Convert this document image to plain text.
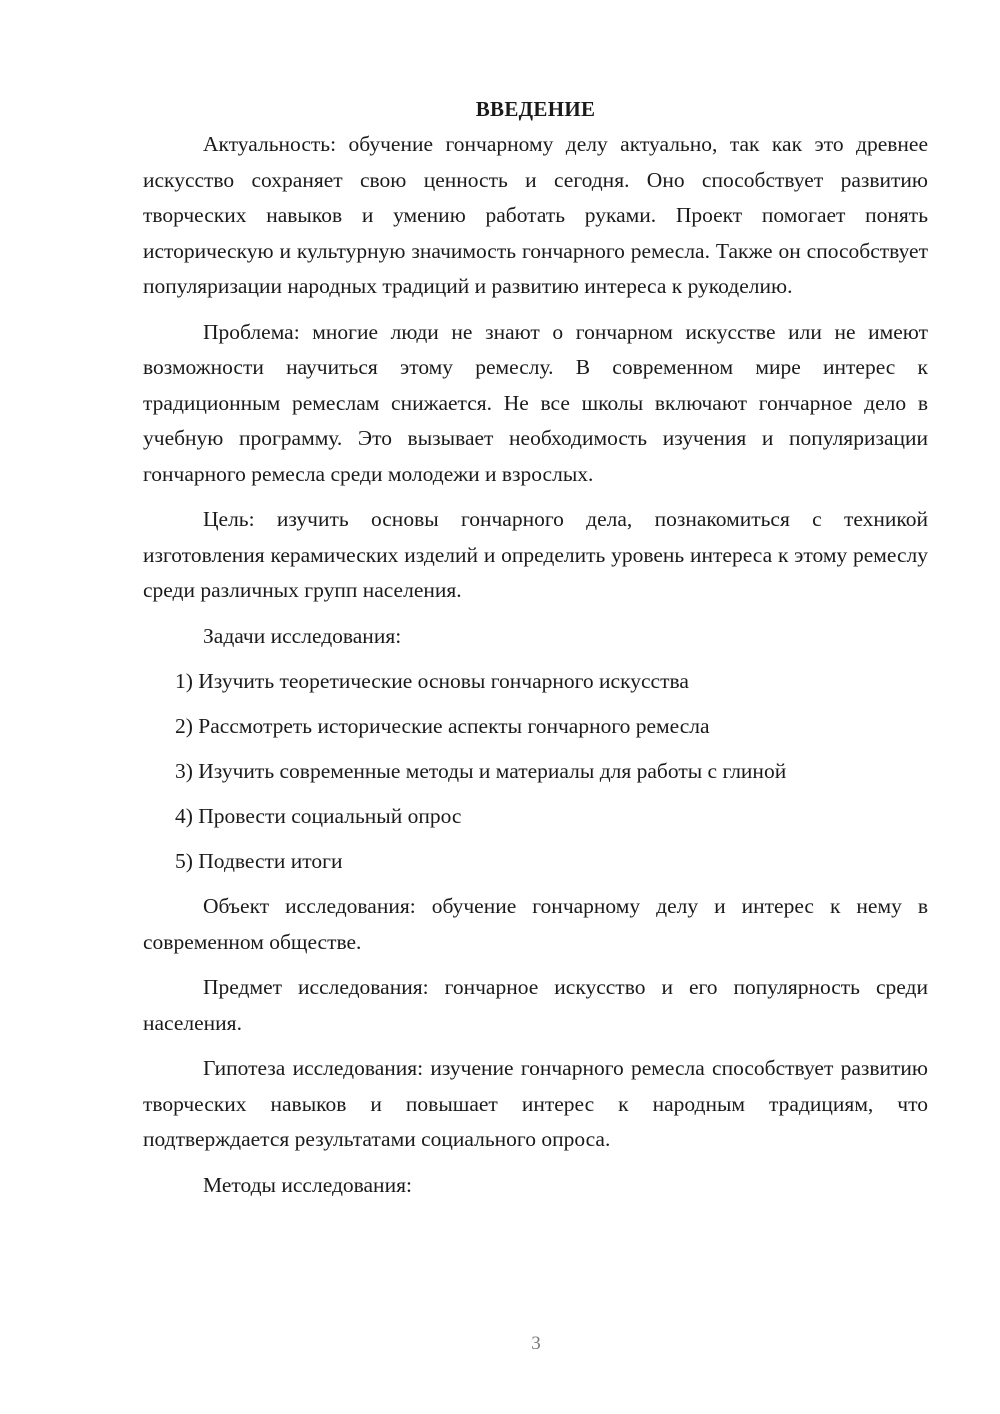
ВВЕДЕНИЕ

Актуальность: обучение гончарному делу актуально, так как это древнее искусство сохраняет свою ценность и сегодня. Оно способствует развитию творческих навыков и умению работать руками. Проект помогает понять историческую и культурную значимость гончарного ремесла. Также он способствует популяризации народных традиций и развитию интереса к рукоделию.

Проблема: многие люди не знают о гончарном искусстве или не имеют возможности научиться этому ремеслу. В современном мире интерес к традиционным ремеслам снижается. Не все школы включают гончарное дело в учебную программу. Это вызывает необходимость изучения и популяризации гончарного ремесла среди молодежи и взрослых.

Цель: изучить основы гончарного дела, познакомиться с техникой изготовления керамических изделий и определить уровень интереса к этому ремеслу среди различных групп населения.

Задачи исследования:

1) Изучить теоретические основы гончарного искусства
2) Рассмотреть исторические аспекты гончарного ремесла
3) Изучить современные методы и материалы для работы с глиной
4) Провести социальный опрос
5) Подвести итоги

Объект исследования: обучение гончарному делу и интерес к нему в современном обществе.

Предмет исследования: гончарное искусство и его популярность среди населения.

Гипотеза исследования: изучение гончарного ремесла способствует развитию творческих навыков и повышает интерес к народным традициям, что подтверждается результатами социального опроса.

Методы исследования:

3
